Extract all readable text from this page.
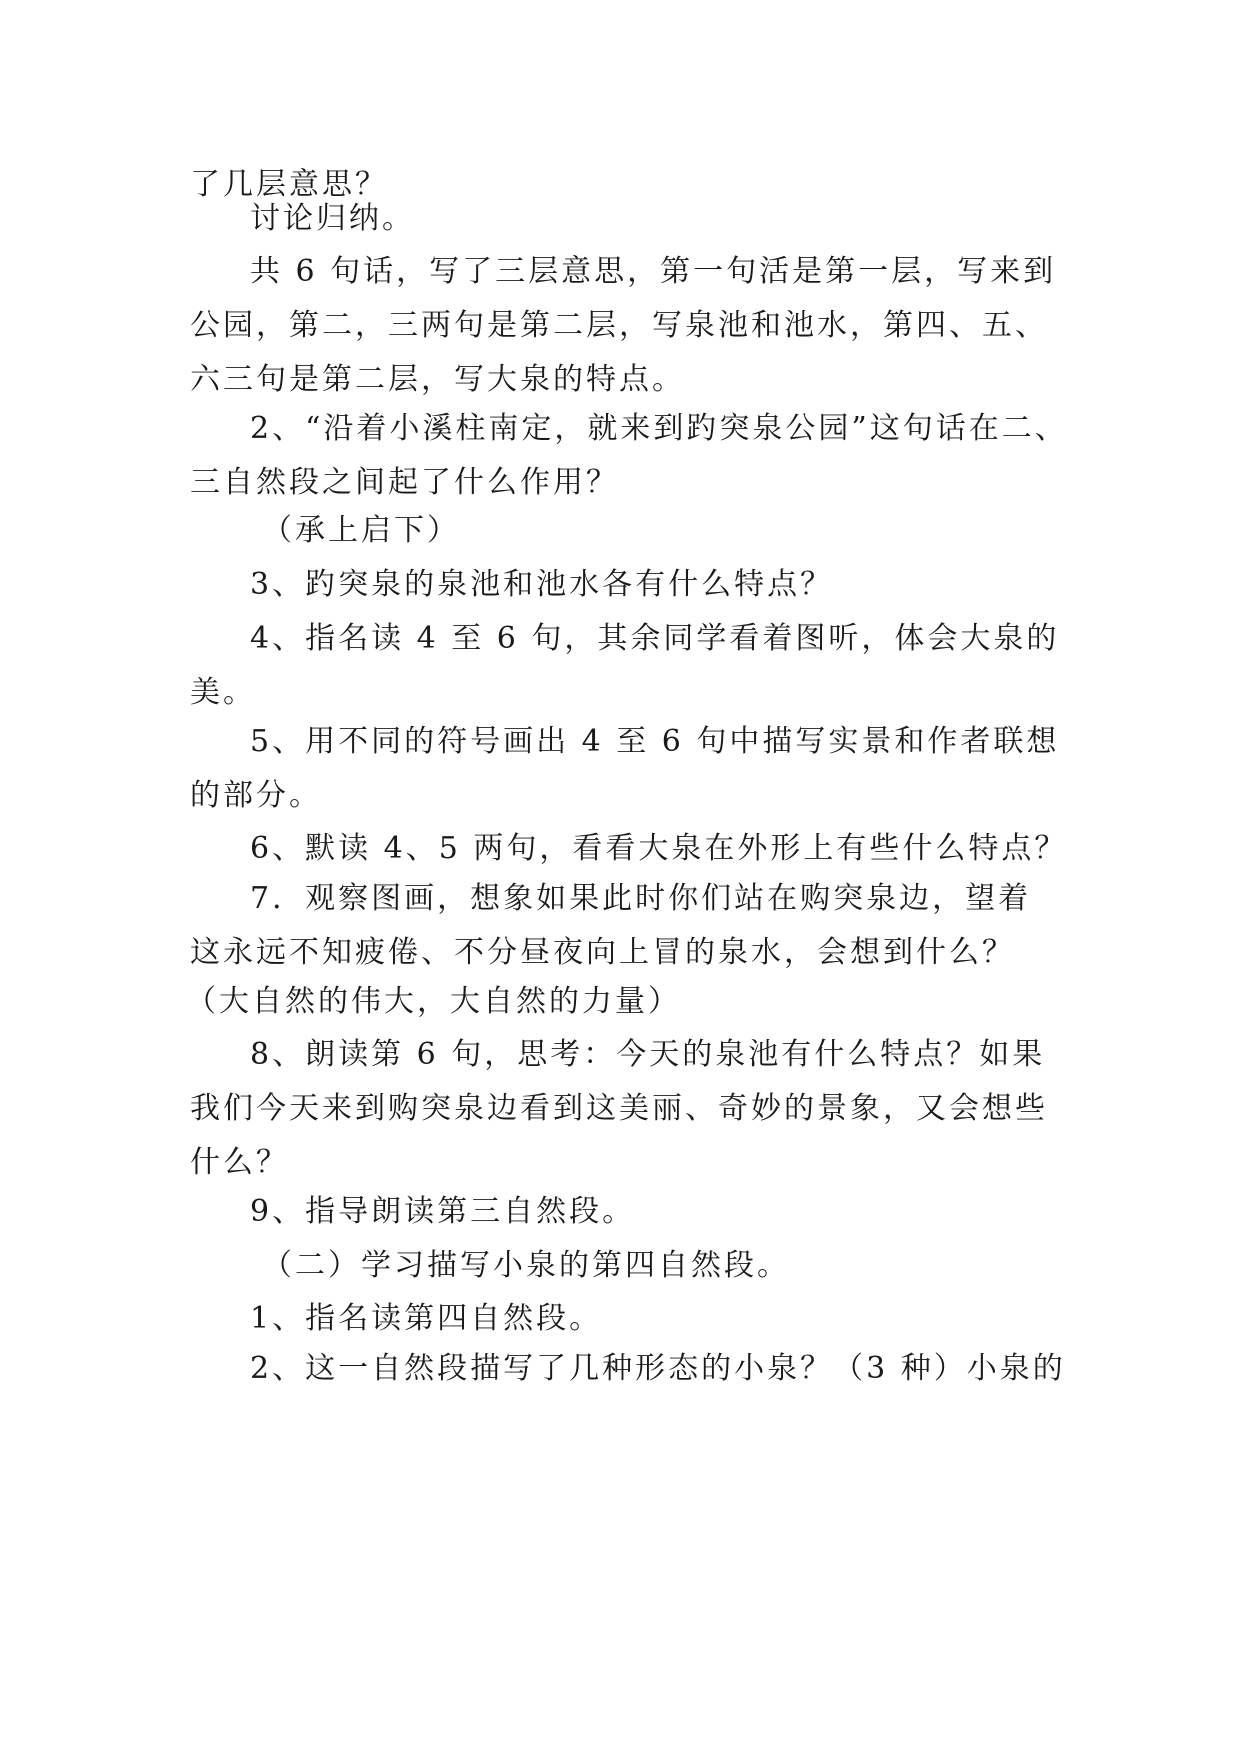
了几层意思？
讨论归纳。
共 6 句话，写了三层意思，第一句活是第一层，写来到
公园，第二，三两句是第二层，写泉池和池水，第四、五、
六三句是第二层，写大泉的特点。
2、“沿着小溪柱南定，就来到趵突泉公园”这句话在二、
三自然段之间起了什么作用？
（承上启下）
3、趵突泉的泉池和池水各有什么特点？
4、指名读 4 至 6 句，其余同学看着图听，体会大泉的
美。
5、用不同的符号画出 4 至 6 句中描写实景和作者联想
的部分。
6、默读 4、5 两句，看看大泉在外形上有些什么特点？
7．观察图画，想象如果此时你们站在购突泉边，望着
这永远不知疲倦、不分昼夜向上冒的泉水，会想到什么？
（大自然的伟大，大自然的力量）
8、朗读第 6 句，思考：今天的泉池有什么特点？如果
我们今天来到购突泉边看到这美丽、奇妙的景象，又会想些
什么？
9、指导朗读第三自然段。
（二）学习描写小泉的第四自然段。
1、指名读第四自然段。
2、这一自然段描写了几种形态的小泉？（3 种）小泉的
